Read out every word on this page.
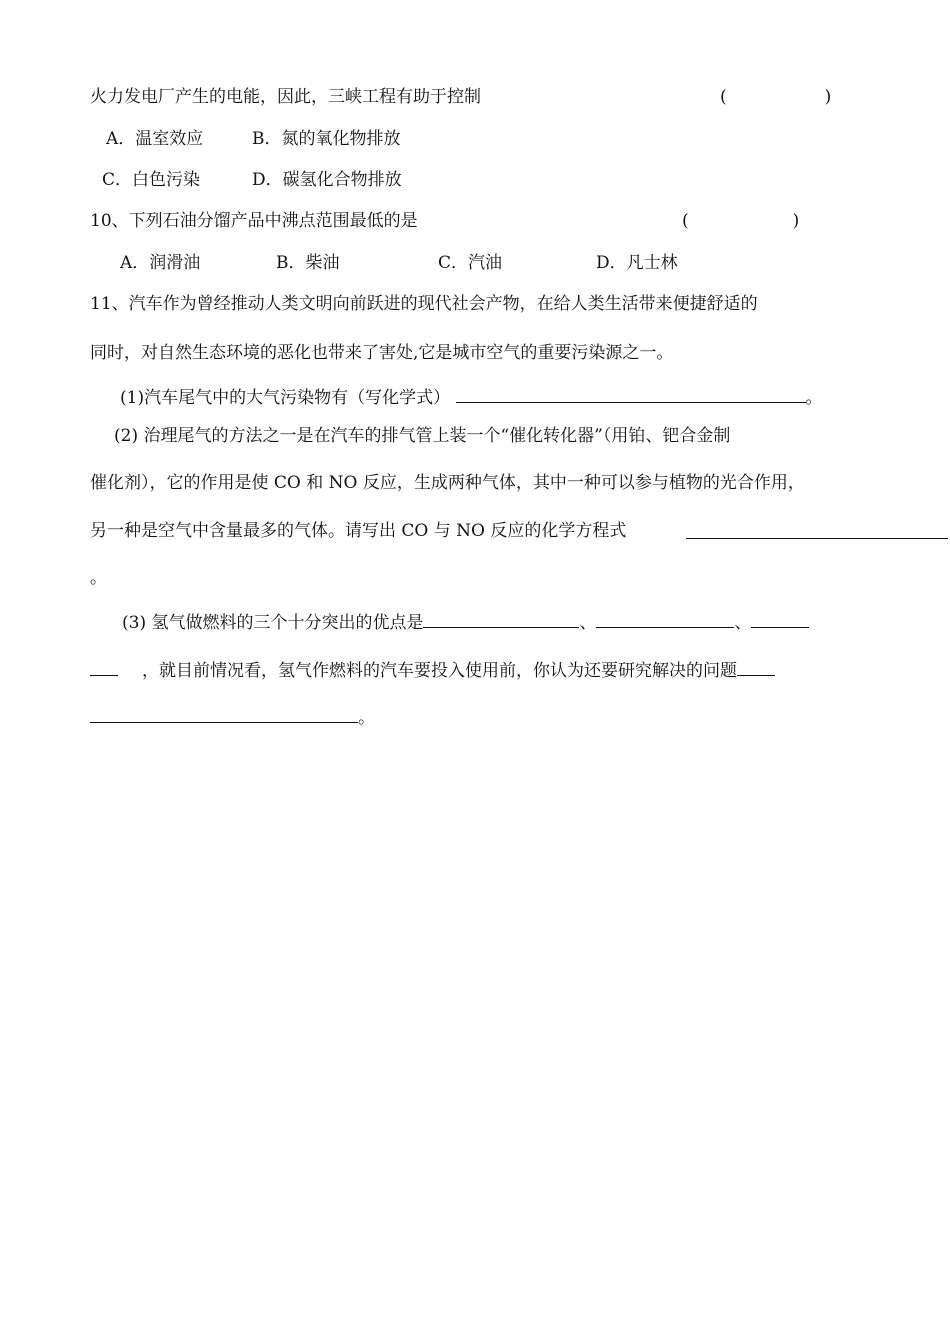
火力发电厂产生的电能，因此，三峡工程有助于控制	(	)
A．温室效应	B．氮的氧化物排放
C．白色污染	D．碳氢化合物排放
10、下列石油分馏产品中沸点范围最低的是	(	)
A．润滑油	B．柴油	C．汽油	D．凡士林
11、汽车作为曾经推动人类文明向前跃进的现代社会产物，在给人类生活带来便捷舒适的
同时，对自然生态环境的恶化也带来了害处,它是城市空气的重要污染源之一。
(1)汽车尾气中的大气污染物有（写化学式）	。
(2) 治理尾气的方法之一是在汽车的排气管上装一个“催化转化器”（用铂、钯合金制
催化剂），它的作用是使 CO 和 NO 反应，生成两种气体，其中一种可以参与植物的光合作用，
另一种是空气中含量最多的气体。请写出 CO 与 NO 反应的化学方程式
。
(3) 氢气做燃料的三个十分突出的优点是	、	、
，就目前情况看，氢气作燃料的汽车要投入使用前，你认为还要研究解决的问题
。
